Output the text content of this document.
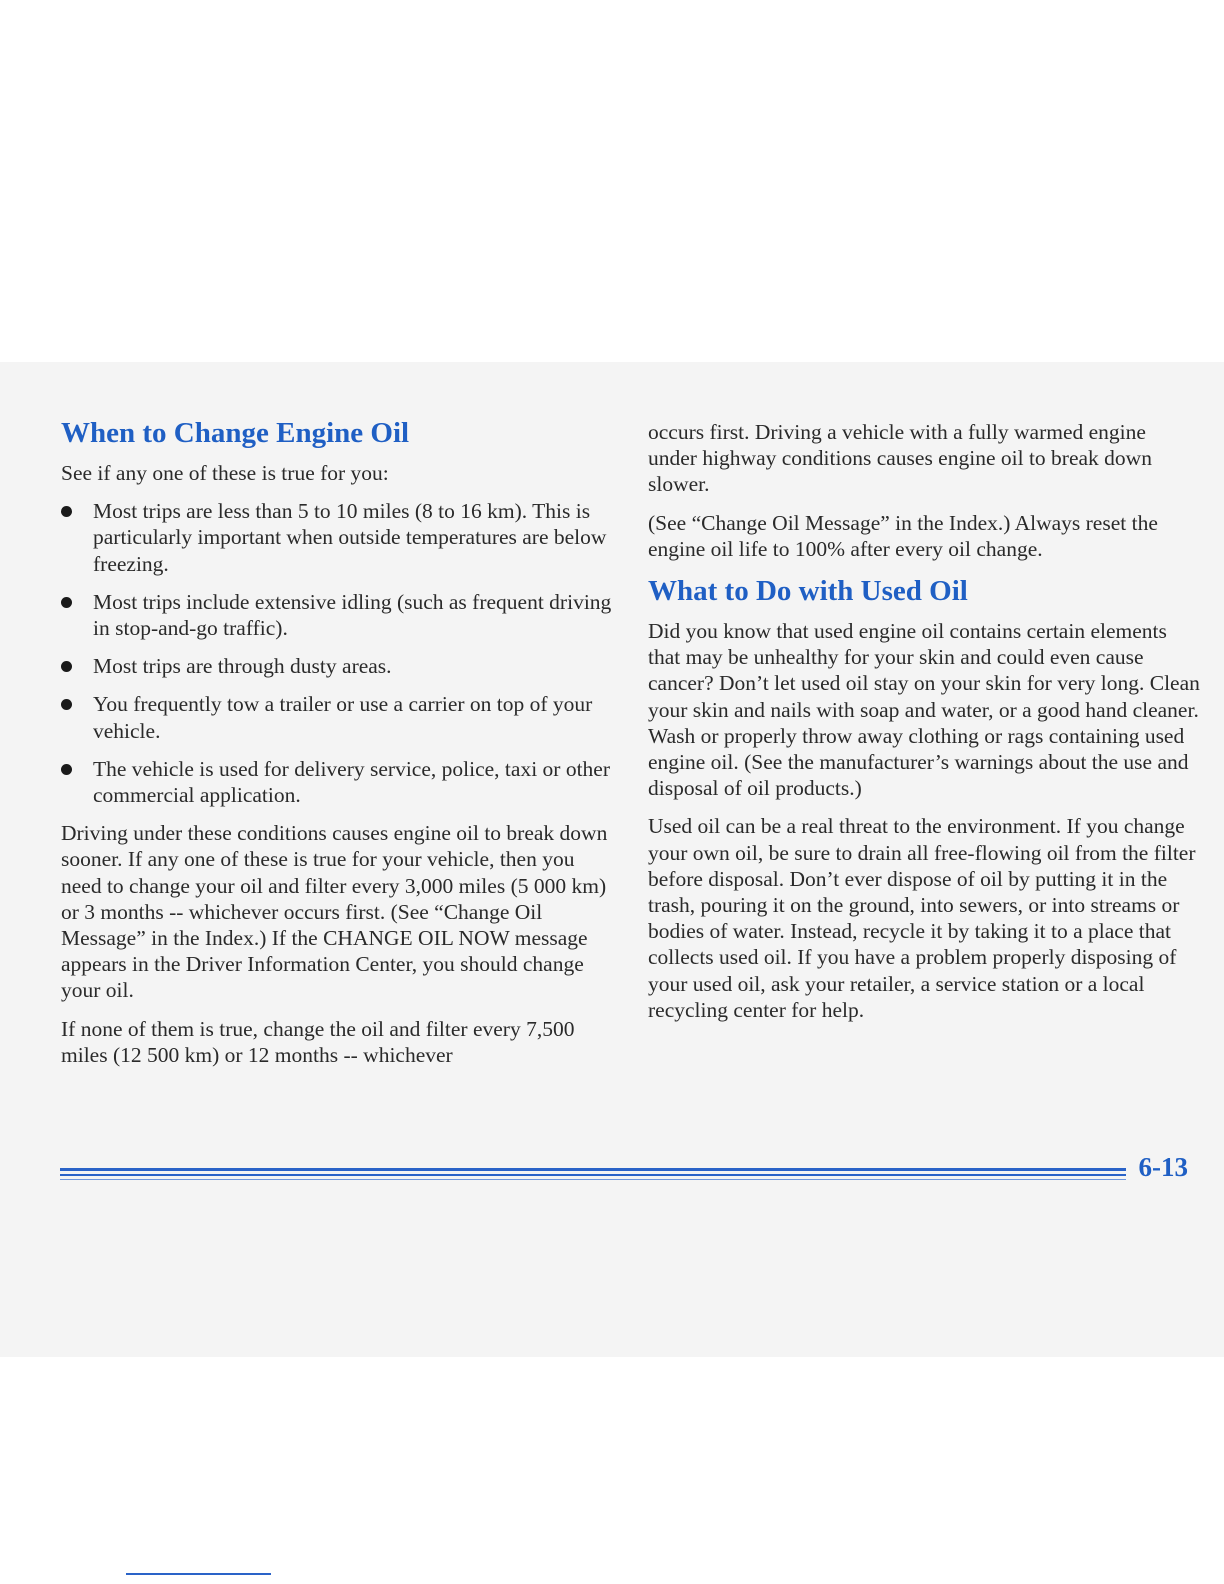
When to Change Engine Oil

See if any one of these is true for you:

Most trips are less than 5 to 10 miles (8 to 16 km). This is particularly important when outside temperatures are below freezing.
Most trips include extensive idling (such as frequent driving in stop-and-go traffic).
Most trips are through dusty areas.
You frequently tow a trailer or use a carrier on top of your vehicle.
The vehicle is used for delivery service, police, taxi or other commercial application.

Driving under these conditions causes engine oil to break down sooner. If any one of these is true for your vehicle, then you need to change your oil and filter every 3,000 miles (5 000 km) or 3 months -- whichever occurs first. (See “Change Oil Message” in the Index.) If the CHANGE OIL NOW message appears in the Driver Information Center, you should change your oil.

If none of them is true, change the oil and filter every 7,500 miles (12 500 km) or 12 months -- whichever

occurs first. Driving a vehicle with a fully warmed engine under highway conditions causes engine oil to break down slower.

(See “Change Oil Message” in the Index.) Always reset the engine oil life to 100% after every oil change.

What to Do with Used Oil

Did you know that used engine oil contains certain elements that may be unhealthy for your skin and could even cause cancer? Don’t let used oil stay on your skin for very long. Clean your skin and nails with soap and water, or a good hand cleaner. Wash or properly throw away clothing or rags containing used engine oil. (See the manufacturer’s warnings about the use and disposal of oil products.)

Used oil can be a real threat to the environment. If you change your own oil, be sure to drain all free-flowing oil from the filter before disposal. Don’t ever dispose of oil by putting it in the trash, pouring it on the ground, into sewers, or into streams or bodies of water. Instead, recycle it by taking it to a place that collects used oil. If you have a problem properly disposing of your used oil, ask your retailer, a service station or a local recycling center for help.

6-13
